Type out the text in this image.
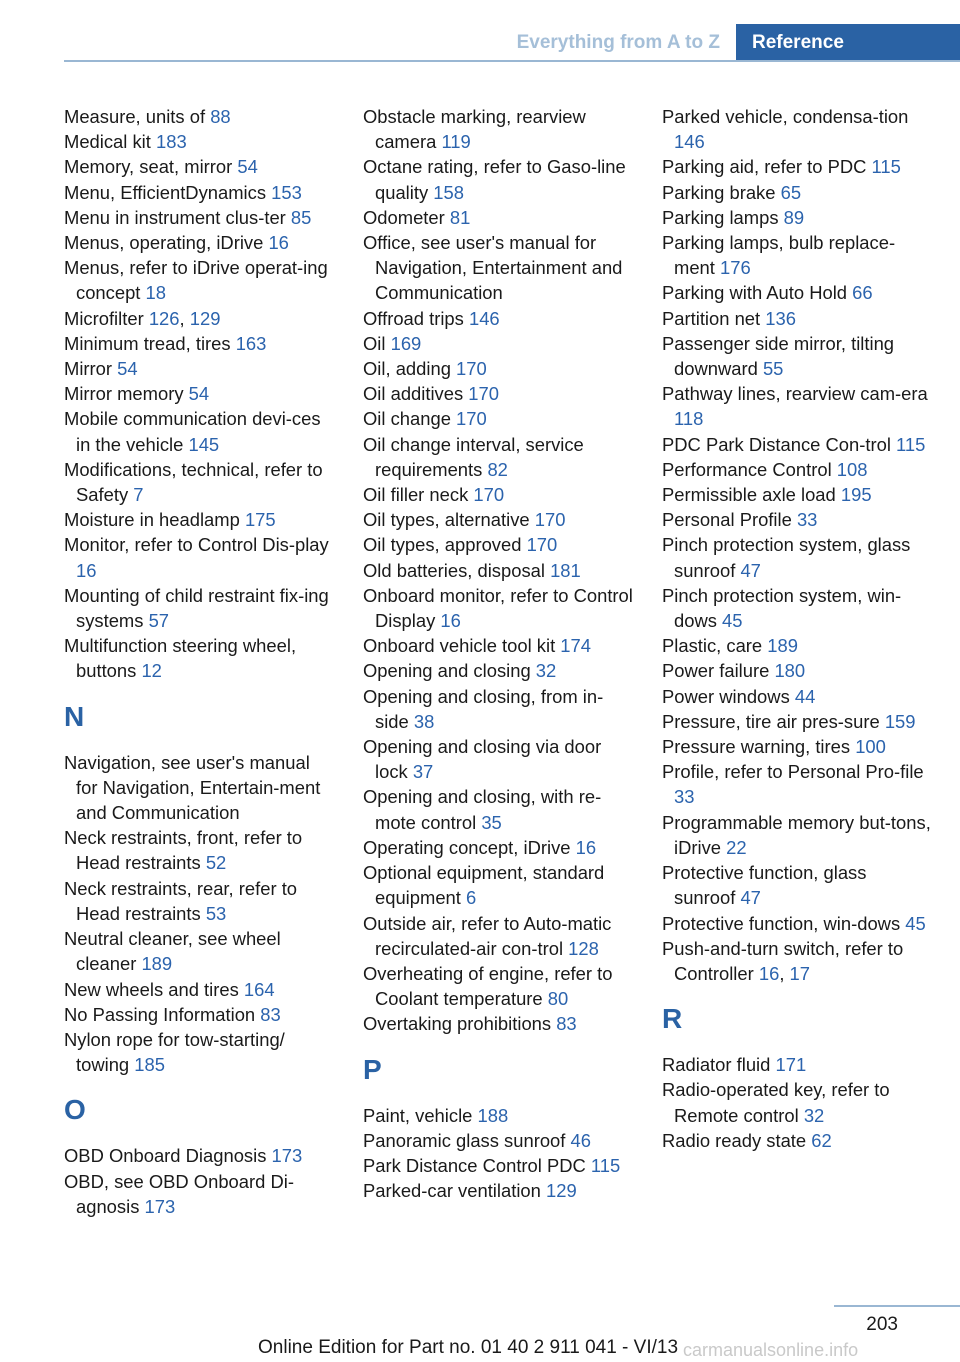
Everything from A to Z	Reference
Measure, units of 88
Medical kit 183
Memory, seat, mirror 54
Menu, EfficientDynamics 153
Menu in instrument clus-ter 85
Menus, operating, iDrive 16
Menus, refer to iDrive operat-ing concept 18
Microfilter 126, 129
Minimum tread, tires 163
Mirror 54
Mirror memory 54
Mobile communication devi-ces in the vehicle 145
Modifications, technical, refer to Safety 7
Moisture in headlamp 175
Monitor, refer to Control Dis-play 16
Mounting of child restraint fix-ing systems 57
Multifunction steering wheel, buttons 12
N
Navigation, see user's manual for Navigation, Entertain-ment and Communication
Neck restraints, front, refer to Head restraints 52
Neck restraints, rear, refer to Head restraints 53
Neutral cleaner, see wheel cleaner 189
New wheels and tires 164
No Passing Information 83
Nylon rope for tow-starting/ towing 185
O
OBD Onboard Diagnosis 173
OBD, see OBD Onboard Di-agnosis 173
Obstacle marking, rearview camera 119
Octane rating, refer to Gaso-line quality 158
Odometer 81
Office, see user's manual for Navigation, Entertainment and Communication
Offroad trips 146
Oil 169
Oil, adding 170
Oil additives 170
Oil change 170
Oil change interval, service requirements 82
Oil filler neck 170
Oil types, alternative 170
Oil types, approved 170
Old batteries, disposal 181
Onboard monitor, refer to Control Display 16
Onboard vehicle tool kit 174
Opening and closing 32
Opening and closing, from in-side 38
Opening and closing via door lock 37
Opening and closing, with re-mote control 35
Operating concept, iDrive 16
Optional equipment, standard equipment 6
Outside air, refer to Auto-matic recirculated-air con-trol 128
Overheating of engine, refer to Coolant temperature 80
Overtaking prohibitions 83
P
Paint, vehicle 188
Panoramic glass sunroof 46
Park Distance Control PDC 115
Parked-car ventilation 129
Parked vehicle, condensa-tion 146
Parking aid, refer to PDC 115
Parking brake 65
Parking lamps 89
Parking lamps, bulb replace-ment 176
Parking with Auto Hold 66
Partition net 136
Passenger side mirror, tilting downward 55
Pathway lines, rearview cam-era 118
PDC Park Distance Con-trol 115
Performance Control 108
Permissible axle load 195
Personal Profile 33
Pinch protection system, glass sunroof 47
Pinch protection system, win-dows 45
Plastic, care 189
Power failure 180
Power windows 44
Pressure, tire air pres-sure 159
Pressure warning, tires 100
Profile, refer to Personal Pro-file 33
Programmable memory but-tons, iDrive 22
Protective function, glass sunroof 47
Protective function, win-dows 45
Push-and-turn switch, refer to Controller 16, 17
R
Radiator fluid 171
Radio-operated key, refer to Remote control 32
Radio ready state 62
203
Online Edition for Part no. 01 40 2 911 041 - VI/13 carmanualsonline.info
